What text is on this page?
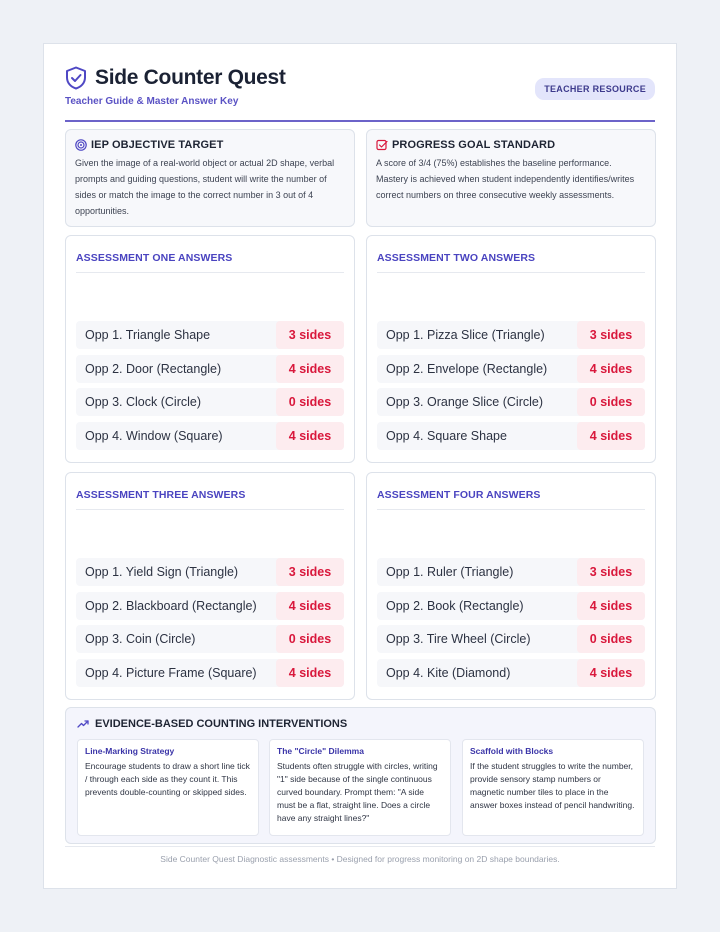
Side Counter Quest
Teacher Guide & Master Answer Key
TEACHER RESOURCE
IEP OBJECTIVE TARGET
Given the image of a real-world object or actual 2D shape, verbal prompts and guiding questions, student will write the number of sides or match the image to the correct number in 3 out of 4 opportunities.
PROGRESS GOAL STANDARD
A score of 3/4 (75%) establishes the baseline performance. Mastery is achieved when student independently identifies/writes correct numbers on three consecutive weekly assessments.
ASSESSMENT ONE ANSWERS
Opp 1. Triangle Shape	3 sides
Opp 2. Door (Rectangle)	4 sides
Opp 3. Clock (Circle)	0 sides
Opp 4. Window (Square)	4 sides
ASSESSMENT TWO ANSWERS
Opp 1. Pizza Slice (Triangle)	3 sides
Opp 2. Envelope (Rectangle)	4 sides
Opp 3. Orange Slice (Circle)	0 sides
Opp 4. Square Shape	4 sides
ASSESSMENT THREE ANSWERS
Opp 1. Yield Sign (Triangle)	3 sides
Opp 2. Blackboard (Rectangle)	4 sides
Opp 3. Coin (Circle)	0 sides
Opp 4. Picture Frame (Square)	4 sides
ASSESSMENT FOUR ANSWERS
Opp 1. Ruler (Triangle)	3 sides
Opp 2. Book (Rectangle)	4 sides
Opp 3. Tire Wheel (Circle)	0 sides
Opp 4. Kite (Diamond)	4 sides
EVIDENCE-BASED COUNTING INTERVENTIONS
Line-Marking Strategy
Encourage students to draw a short line tick / through each side as they count it. This prevents double-counting or skipped sides.
The "Circle" Dilemma
Students often struggle with circles, writing "1" side because of the single continuous curved boundary. Prompt them: "A side must be a flat, straight line. Does a circle have any straight lines?"
Scaffold with Blocks
If the student struggles to write the number, provide sensory stamp numbers or magnetic number tiles to place in the answer boxes instead of pencil handwriting.
Side Counter Quest Diagnostic assessments • Designed for progress monitoring on 2D shape boundaries.
